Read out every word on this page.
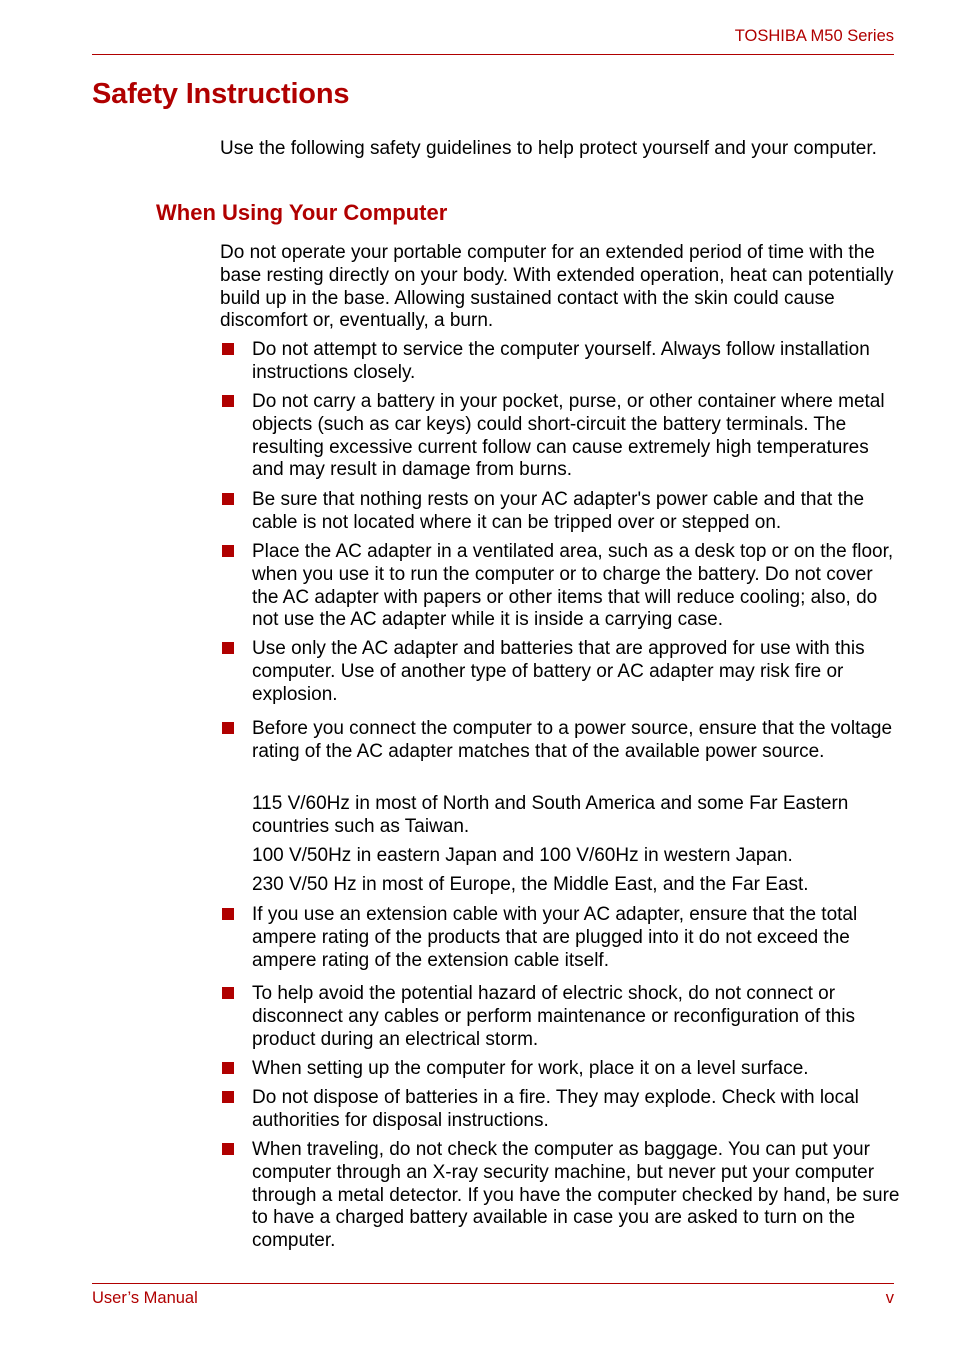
TOSHIBA M50 Series
Safety Instructions

Use the following safety guidelines to help protect yourself and your computer.

When Using Your Computer

Do not operate your portable computer for an extended period of time with the base resting directly on your body. With extended operation, heat can potentially build up in the base. Allowing sustained contact with the skin could cause discomfort or, eventually, a burn.

Do not attempt to service the computer yourself. Always follow installation instructions closely.

Do not carry a battery in your pocket, purse, or other container where metal objects (such as car keys) could short-circuit the battery terminals. The resulting excessive current follow can cause extremely high temperatures and may result in damage from burns.

Be sure that nothing rests on your AC adapter's power cable and that the cable is not located where it can be tripped over or stepped on.

Place the AC adapter in a ventilated area, such as a desk top or on the floor, when you use it to run the computer or to charge the battery. Do not cover the AC adapter with papers or other items that will reduce cooling; also, do not use the AC adapter while it is inside a carrying case.

Use only the AC adapter and batteries that are approved for use with this computer. Use of another type of battery or AC adapter may risk fire or explosion.

Before you connect the computer to a power source, ensure that the voltage rating of the AC adapter matches that of the available power source.

115 V/60Hz in most of North and South America and some Far Eastern countries such as Taiwan.

100 V/50Hz in eastern Japan and 100 V/60Hz in western Japan.

230 V/50 Hz in most of Europe, the Middle East, and the Far East.

If you use an extension cable with your AC adapter, ensure that the total ampere rating of the products that are plugged into it do not exceed the ampere rating of the extension cable itself.

To help avoid the potential hazard of electric shock, do not connect or disconnect any cables or perform maintenance or reconfiguration of this product during an electrical storm.

When setting up the computer for work, place it on a level surface.

Do not dispose of batteries in a fire. They may explode. Check with local authorities for disposal instructions.

When traveling, do not check the computer as baggage. You can put your computer through an X-ray security machine, but never put your computer through a metal detector. If you have the computer checked by hand, be sure to have a charged battery available in case you are asked to turn on the computer.

User’s Manual	v
